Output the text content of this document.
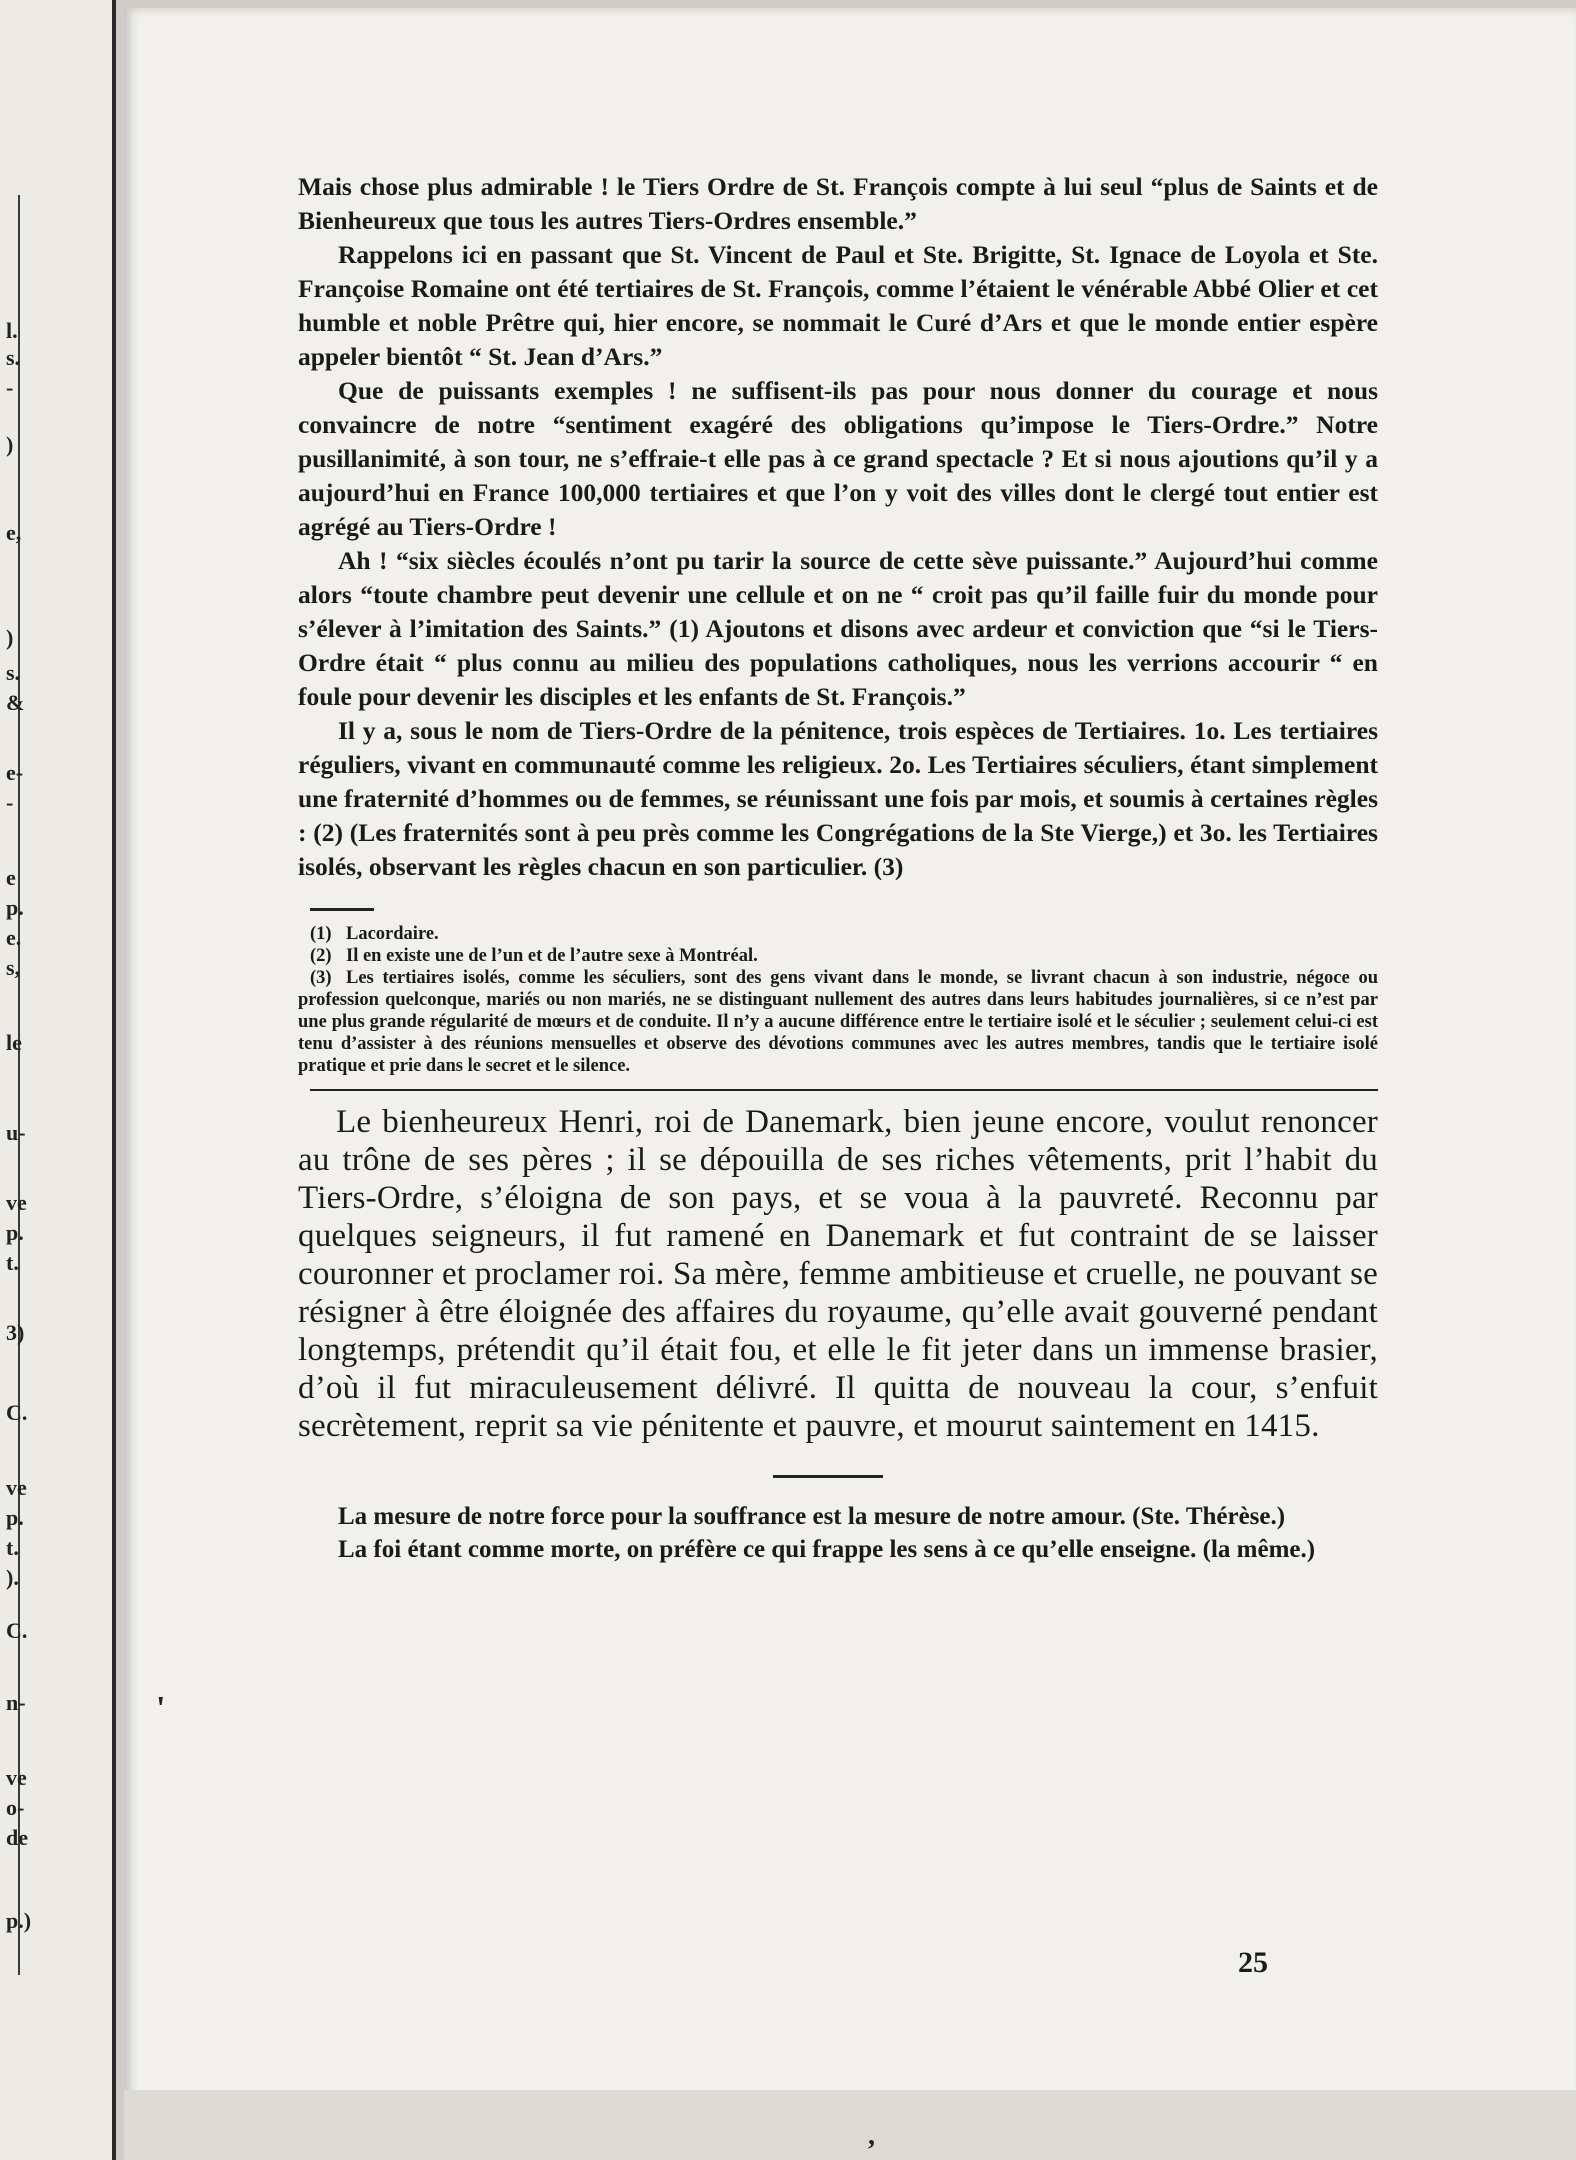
l.
s.
-
)
e,
)
s.
&
e-
-
e
p.
e.
s,
le
u-
ve
p.
t.
3)
C.
ve
p.
t.
).
C.
n-
ve
o-
de
p.)

Mais chose plus admirable ! le Tiers Ordre de St. François compte à lui seul “plus de Saints et de Bienheureux que tous les autres Tiers-Ordres ensemble.”

Rappelons ici en passant que St. Vincent de Paul et Ste. Brigitte, St. Ignace de Loyola et Ste. Françoise Romaine ont été tertiaires de St. François, comme l’étaient le vénérable Abbé Olier et cet humble et noble Prêtre qui, hier encore, se nommait le Curé d’Ars et que le monde entier espère appeler bientôt “ St. Jean d’Ars.”

Que de puissants exemples ! ne suffisent-ils pas pour nous donner du courage et nous convaincre de notre “sentiment exagéré des obligations qu’impose le Tiers-Ordre.” Notre pusillanimité, à son tour, ne s’effraie-t elle pas à ce grand spectacle ? Et si nous ajoutions qu’il y a aujourd’hui en France 100,000 tertiaires et que l’on y voit des villes dont le clergé tout entier est agrégé au Tiers-Ordre !

Ah ! “six siècles écoulés n’ont pu tarir la source de cette sève puissante.” Aujourd’hui comme alors “toute chambre peut devenir une cellule et on ne “ croit pas qu’il faille fuir du monde pour s’élever à l’imitation des Saints.” (1) Ajoutons et disons avec ardeur et conviction que “si le Tiers-Ordre était “ plus connu au milieu des populations catholiques, nous les verrions accourir “ en foule pour devenir les disciples et les enfants de St. François.”

Il y a, sous le nom de Tiers-Ordre de la pénitence, trois espèces de Tertiaires. 1o. Les tertiaires réguliers, vivant en communauté comme les religieux. 2o. Les Tertiaires séculiers, étant simplement une fraternité d’hommes ou de femmes, se réunissant une fois par mois, et soumis à certaines règles : (2) (Les fraternités sont à peu près comme les Congrégations de la Ste Vierge,) et 3o. les Tertiaires isolés, observant les règles chacun en son particulier. (3)

(1) Lacordaire.

(2) Il en existe une de l’un et de l’autre sexe à Montréal.

(3) Les tertiaires isolés, comme les séculiers, sont des gens vivant dans le monde, se livrant chacun à son industrie, négoce ou profession quelconque, mariés ou non mariés, ne se distinguant nullement des autres dans leurs habitudes journalières, si ce n’est par une plus grande régularité de mœurs et de conduite. Il n’y a aucune différence entre le tertiaire isolé et le séculier ; seulement celui-ci est tenu d’assister à des réunions mensuelles et observe des dévotions communes avec les autres membres, tandis que le tertiaire isolé pratique et prie dans le secret et le silence.

Le bienheureux Henri, roi de Danemark, bien jeune encore, voulut renoncer au trône de ses pères ; il se dépouilla de ses riches vêtements, prit l’habit du Tiers-Ordre, s’éloigna de son pays, et se voua à la pauvreté. Reconnu par quelques seigneurs, il fut ramené en Danemark et fut contraint de se laisser couronner et proclamer roi. Sa mère, femme ambitieuse et cruelle, ne pouvant se résigner à être éloignée des affaires du royaume, qu’elle avait gouverné pendant longtemps, prétendit qu’il était fou, et elle le fit jeter dans un immense brasier, d’où il fut miraculeusement délivré. Il quitta de nouveau la cour, s’enfuit secrètement, reprit sa vie pénitente et pauvre, et mourut saintement en 1415.

La mesure de notre force pour la souffrance est la mesure de notre amour. (Ste. Thérèse.)

La foi étant comme morte, on préfère ce qui frappe les sens à ce qu’elle enseigne. (la même.)

25
'
,
